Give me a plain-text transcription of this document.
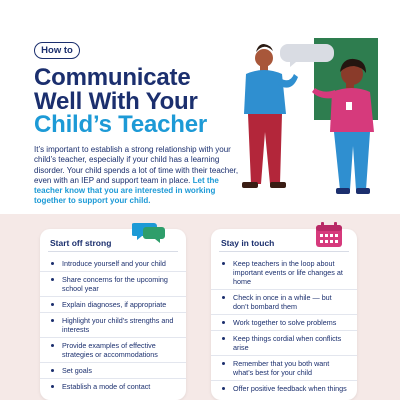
How to
Communicate
Well With Your
Child’s Teacher

It’s important to establish a strong relationship with your child’s teacher, especially if your child has a learning disorder. Your child spends a lot of time with their teacher, even with an IEP and support team in place. Let the teacher know that you are interested in working together to support your child.

Start off strong
Introduce yourself and your child
Share concerns for the upcoming school year
Explain diagnoses, if appropriate
Highlight your child’s strengths and interests
Provide examples of effective strategies or accommodations
Set goals
Establish a mode of contact
Stay in touch
Keep teachers in the loop about important events or life changes at home
Check in once in a while — but don’t bombard them
Work together to solve problems
Keep things cordial when conflicts arise
Remember that you both want what’s best for your child
Offer positive feedback when things
